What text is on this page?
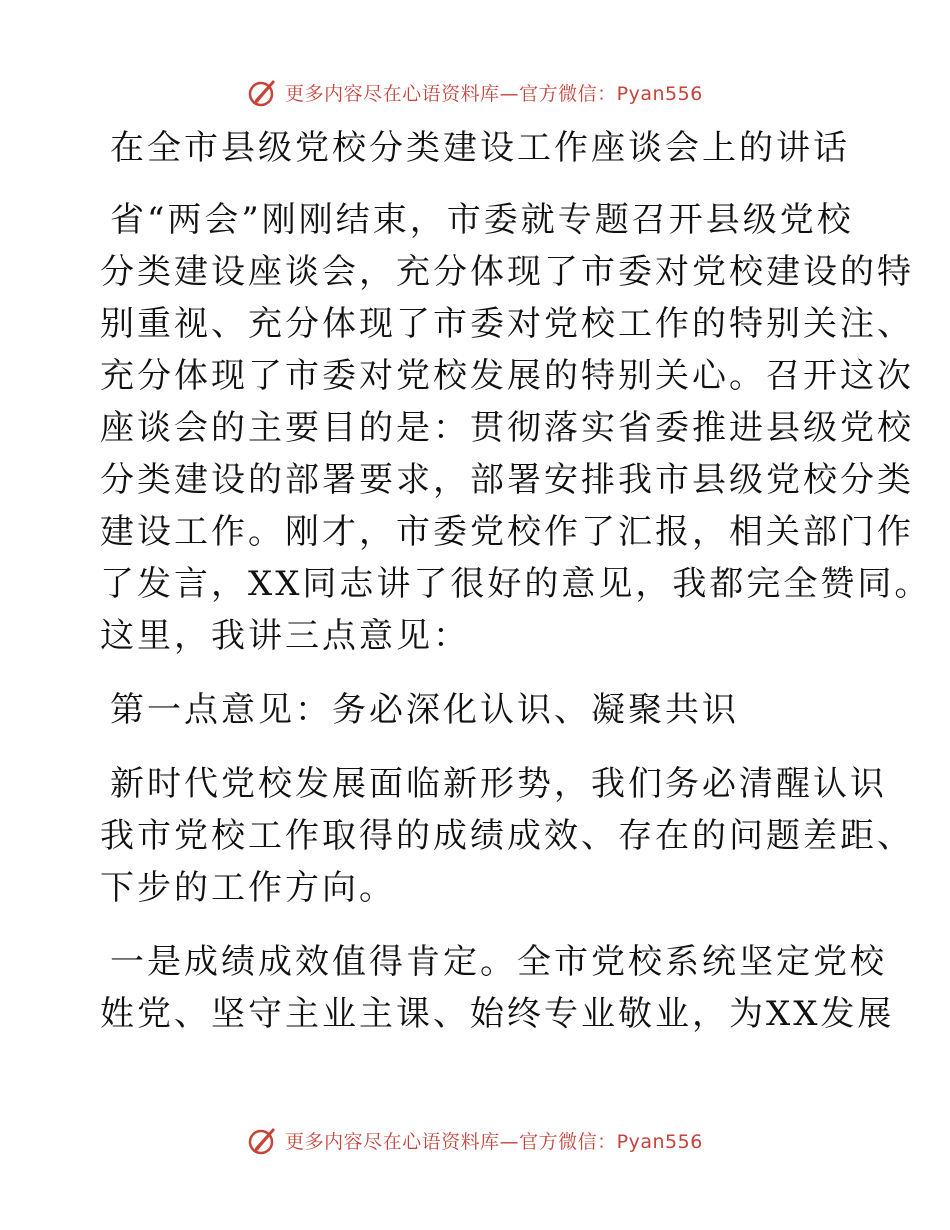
更多内容尽在心语资料库—官方微信：Pyan556

在全市县级党校分类建设工作座谈会上的讲话

省“两会”刚刚结束，市委就专题召开县级党校

分类建设座谈会，充分体现了市委对党校建设的特

别重视、充分体现了市委对党校工作的特别关注、

充分体现了市委对党校发展的特别关心。召开这次

座谈会的主要目的是：贯彻落实省委推进县级党校

分类建设的部署要求，部署安排我市县级党校分类

建设工作。刚才，市委党校作了汇报，相关部门作

了发言，XX同志讲了很好的意见，我都完全赞同。

这里，我讲三点意见：

第一点意见：务必深化认识、凝聚共识

新时代党校发展面临新形势，我们务必清醒认识

我市党校工作取得的成绩成效、存在的问题差距、

下步的工作方向。

一是成绩成效值得肯定。全市党校系统坚定党校

姓党、坚守主业主课、始终专业敬业，为XX发展

更多内容尽在心语资料库—官方微信：Pyan556
